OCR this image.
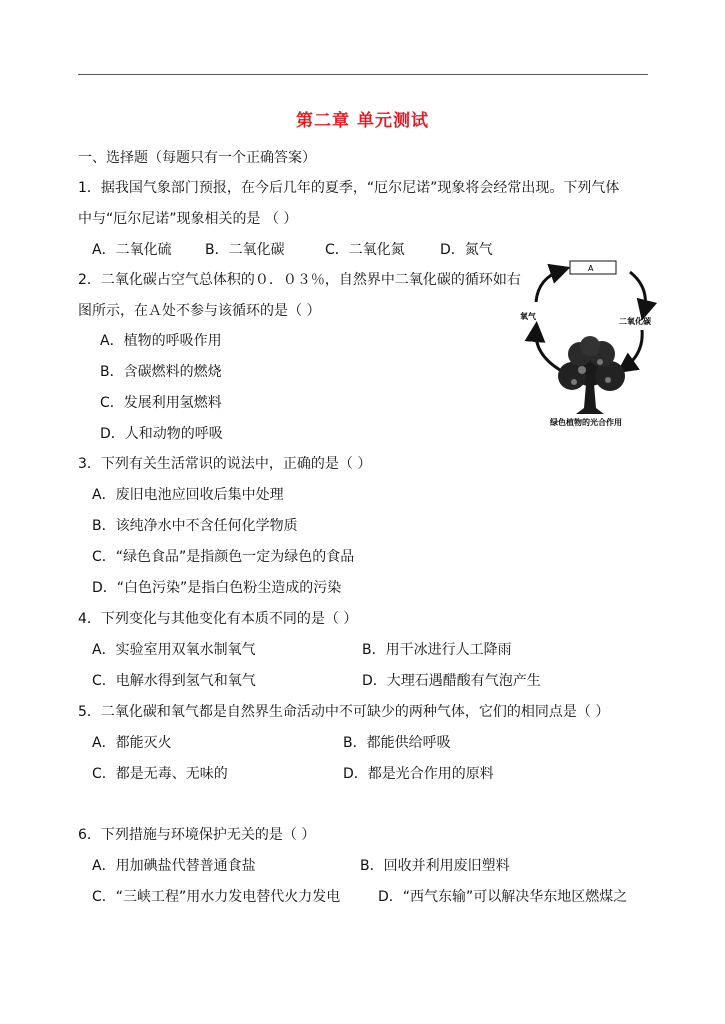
第二章 单元测试
一、选择题（每题只有一个正确答案）
1．据我国气象部门预报，在今后几年的夏季，“厄尔尼诺”现象将会经常出现。下列气体
中与“厄尔尼诺”现象相关的是 （ ）
A．二氧化硫 B．二氧化碳	C．二氧化氮	D．氮气
2．二氧化碳占空气总体积的０．０３％，自然界中二氧化碳的循环如右
图所示，在Ａ处不参与该循环的是（ ）
A．植物的呼吸作用
B．含碳燃料的燃烧
C．发展利用氢燃料
D．人和动物的呼吸
氧气
二氧化碳
绿色植物的光合作用
A
3．下列有关生活常识的说法中，正确的是（ ）
A．废旧电池应回收后集中处理
B．该纯净水中不含任何化学物质
C．“绿色食品”是指颜色一定为绿色的食品
D．“白色污染”是指白色粉尘造成的污染
4．下列变化与其他变化有本质不同的是（ ）
A．实验室用双氧水制氧气	B．用干冰进行人工降雨
C．电解水得到氢气和氧气	D．大理石遇醋酸有气泡产生
5．二氧化碳和氧气都是自然界生命活动中不可缺少的两种气体，它们的相同点是（ ）
A．都能灭火	B．都能供给呼吸
C．都是无毒、无味的	D．都是光合作用的原料
6．下列措施与环境保护无关的是（ ）
A．用加碘盐代替普通食盐	B．回收并利用废旧塑料
C．“三峡工程”用水力发电替代火力发电	D．“西气东输”可以解决华东地区燃煤之
